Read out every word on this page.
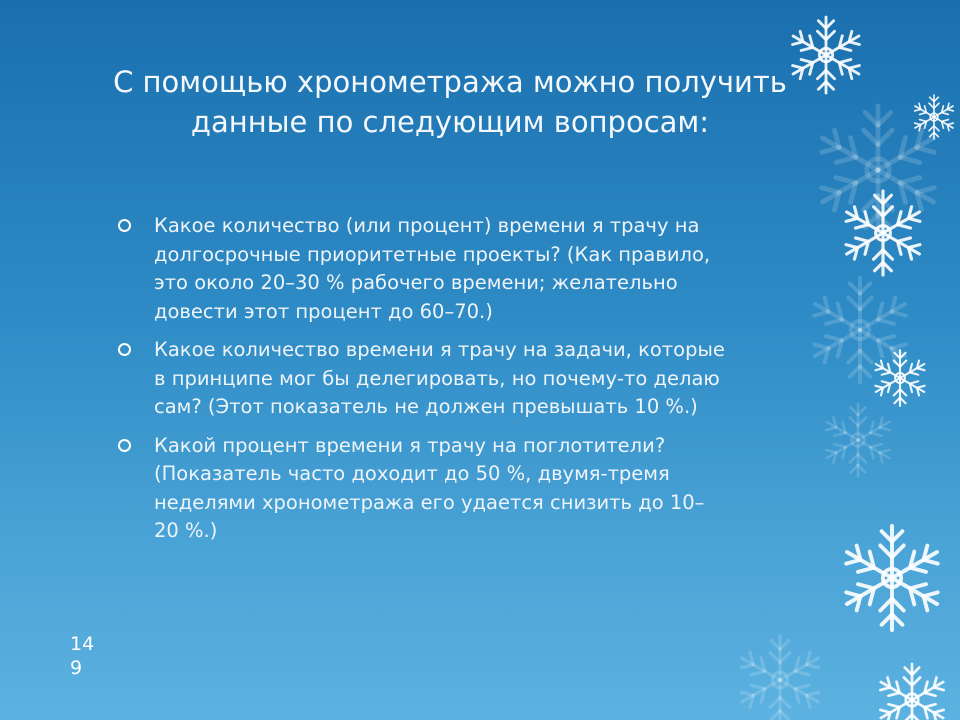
С помощью хронометража можно получить
данные по следующим вопросам:
Какое количество (или процент) времени я трачу на
долгосрочные приоритетные проекты? (Как правило,
это около 20–30 % рабочего времени; желательно
довести этот процент до 60–70.)
Какое количество времени я трачу на задачи, которые
в принципе мог бы делегировать, но почему-то делаю
сам? (Этот показатель не должен превышать 10 %.)
Какой процент времени я трачу на поглотители?
(Показатель часто доходит до 50 %, двумя-тремя
неделями хронометража его удается снизить до 10–
20 %.)
14
9
